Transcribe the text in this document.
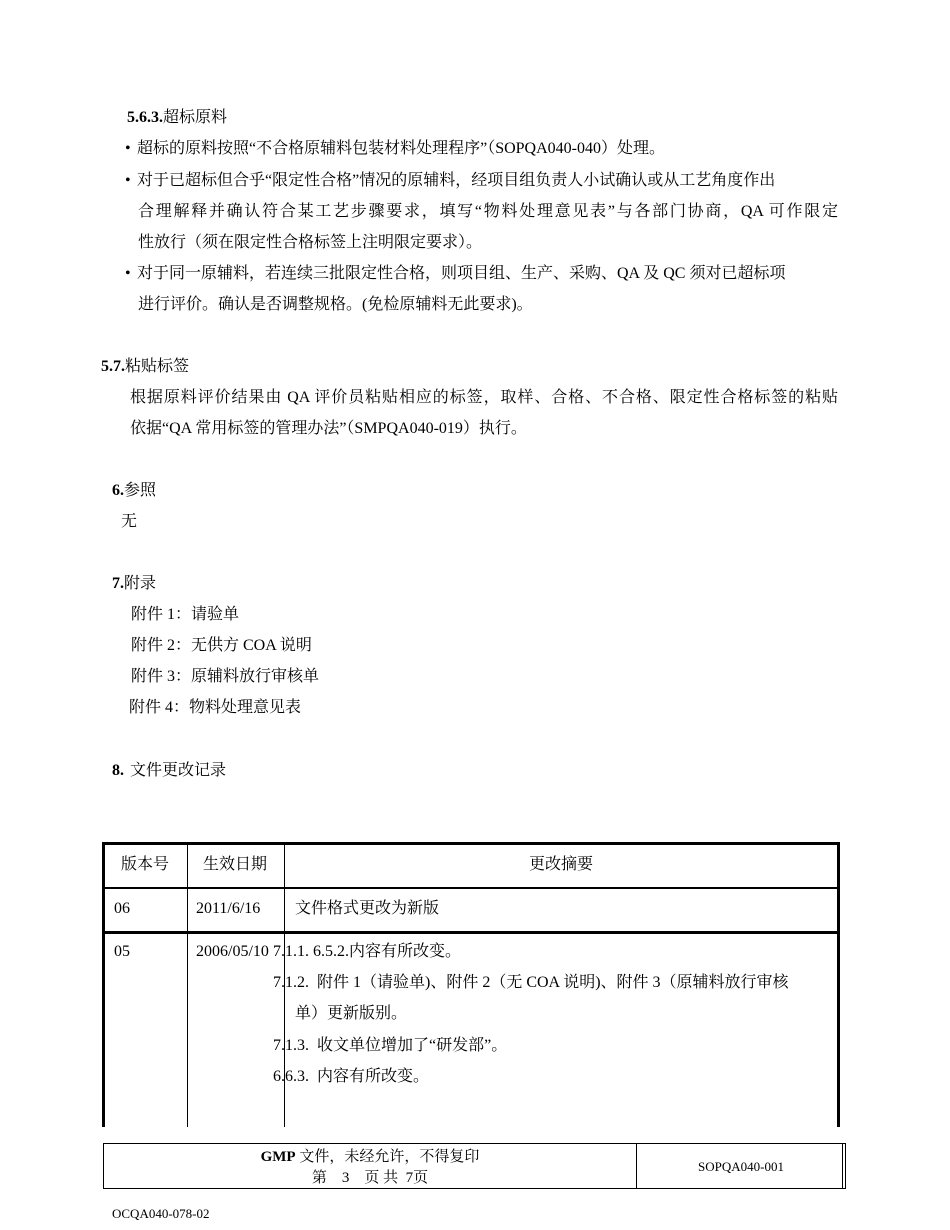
5.6.3.超标原料
• 超标的原料按照“不合格原辅料包装材料处理程序”（SOPQA040-040）处理。
• 对于已超标但合乎“限定性合格”情况的原辅料，经项目组负责人小试确认或从工艺角度作出
合理解释并确认符合某工艺步骤要求，填写“物料处理意见表”与各部门协商，QA 可作限定
性放行（须在限定性合格标签上注明限定要求）。
• 对于同一原辅料，若连续三批限定性合格，则项目组、生产、采购、QA 及 QC 须对已超标项
进行评价。确认是否调整规格。(免检原辅料无此要求)。
5.7.粘贴标签
根据原料评价结果由 QA 评价员粘贴相应的标签，取样、合格、不合格、限定性合格标签的粘贴
依据“QA 常用标签的管理办法”（SMPQA040-019）执行。
6.参照
无
7.附录
附件 1：请验单
附件 2：无供方 COA 说明
附件 3：原辅料放行审核单
附件 4：物料处理意见表
8. 文件更改记录
版本号 生效日期	更改摘要
06	2011/6/16 文件格式更改为新版
05	2006/05/10 7.1.1. 6.5.2.内容有所改变。
7.1.2. 附件 1（请验单)、附件 2（无 COA 说明)、附件 3（原辅料放行审核
单）更新版别。
7.1.3. 收文单位增加了“研发部”。
6.6.3. 内容有所改变。
GMP 文件，未经允许，不得复印
第 3 页 共 7页
SOPQA040-001
OCQA040-078-02
